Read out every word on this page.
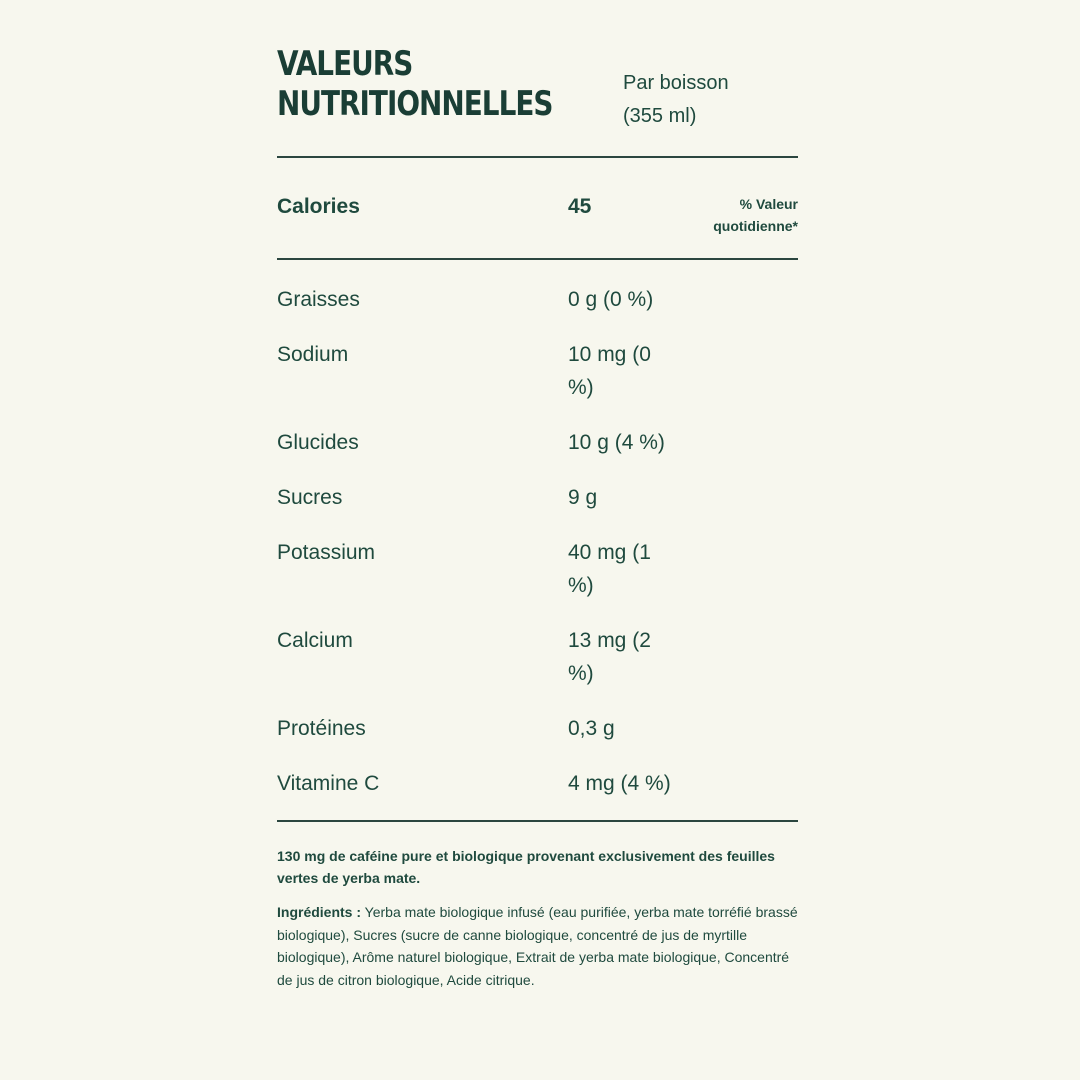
VALEURS
NUTRITIONNELLES
Par boisson
(355 ml)
Calories	45	% Valeur
quotidienne*
Graisses	0 g (0 %)
Sodium	10 mg (0 %)
Glucides	10 g (4 %)
Sucres	9 g
Potassium	40 mg (1 %)
Calcium	13 mg (2 %)
Protéines	0,3 g
Vitamine C	4 mg (4 %)
130 mg de caféine pure et biologique provenant exclusivement des feuilles vertes de yerba mate.
Ingrédients : Yerba mate biologique infusé (eau purifiée, yerba mate torréfié brassé biologique), Sucres (sucre de canne biologique, concentré de jus de myrtille biologique), Arôme naturel biologique, Extrait de yerba mate biologique, Concentré de jus de citron biologique, Acide citrique.
